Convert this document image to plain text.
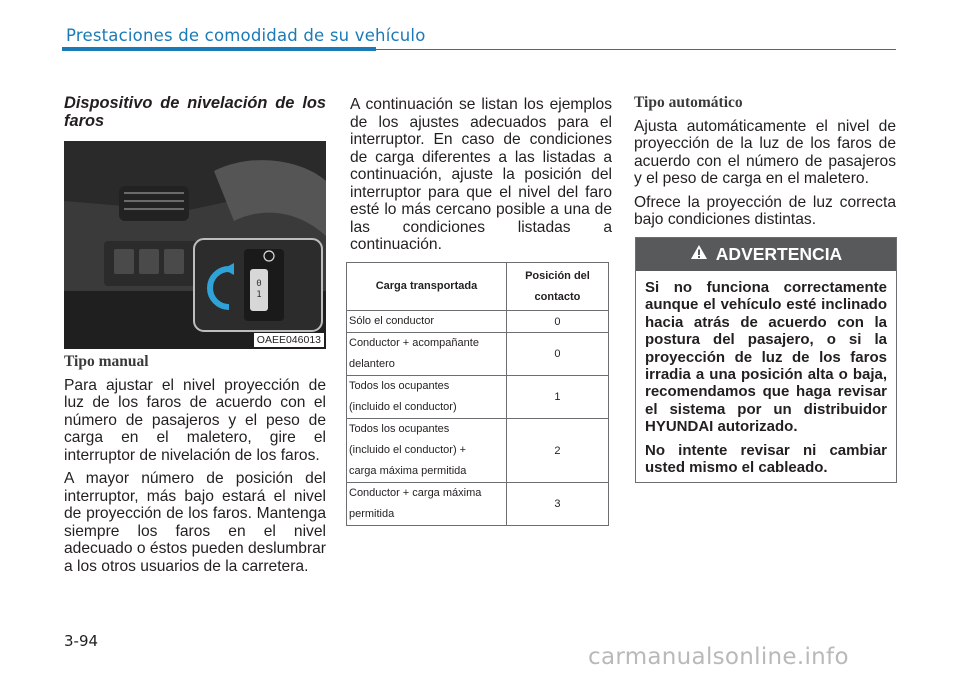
Prestaciones de comodidad de su vehículo

Dispositivo de nivelación de los faros

0
1
OAEE046013

Tipo manual

Para ajustar el nivel proyección de luz de los faros de acuerdo con el número de pasajeros y el peso de carga en el maletero, gire el interruptor de nivelación de los faros.

A mayor número de posición del interruptor, más bajo estará el nivel de proyección de los faros. Mantenga siempre los faros en el nivel adecuado o éstos pueden deslumbrar a los otros usuarios de la carretera.

A continuación se listan los ejemplos de los ajustes adecuados para el interruptor. En caso de condiciones de carga diferentes a las listadas a continuación, ajuste la posición del interruptor para que el nivel del faro esté lo más cercano posible a una de las condiciones listadas a continuación.

Carga transportada	Posición del contacto
Sólo el conductor	0

Conductor + acompañante
delantero	0

Todos los ocupantes
(incluido el conductor)	1

Todos los ocupantes
(incluido el conductor) +
carga máxima permitida	2

Conductor + carga máxima
permitida	3

Tipo automático

Ajusta automáticamente el nivel de proyección de la luz de los faros de acuerdo con el número de pasajeros y el peso de carga en el maletero.

Ofrece la proyección de luz correcta bajo condiciones distintas.

ADVERTENCIA

Si no funciona correctamente aunque el vehículo esté inclinado hacia atrás de acuerdo con la postura del pasajero, o si la proyección de luz de los faros irradia a una posición alta o baja, recomendamos que haga revisar el sistema por un distribuidor HYUNDAI autorizado.

No intente revisar ni cambiar usted mismo el cableado.

3-94
carmanualsonline.info
